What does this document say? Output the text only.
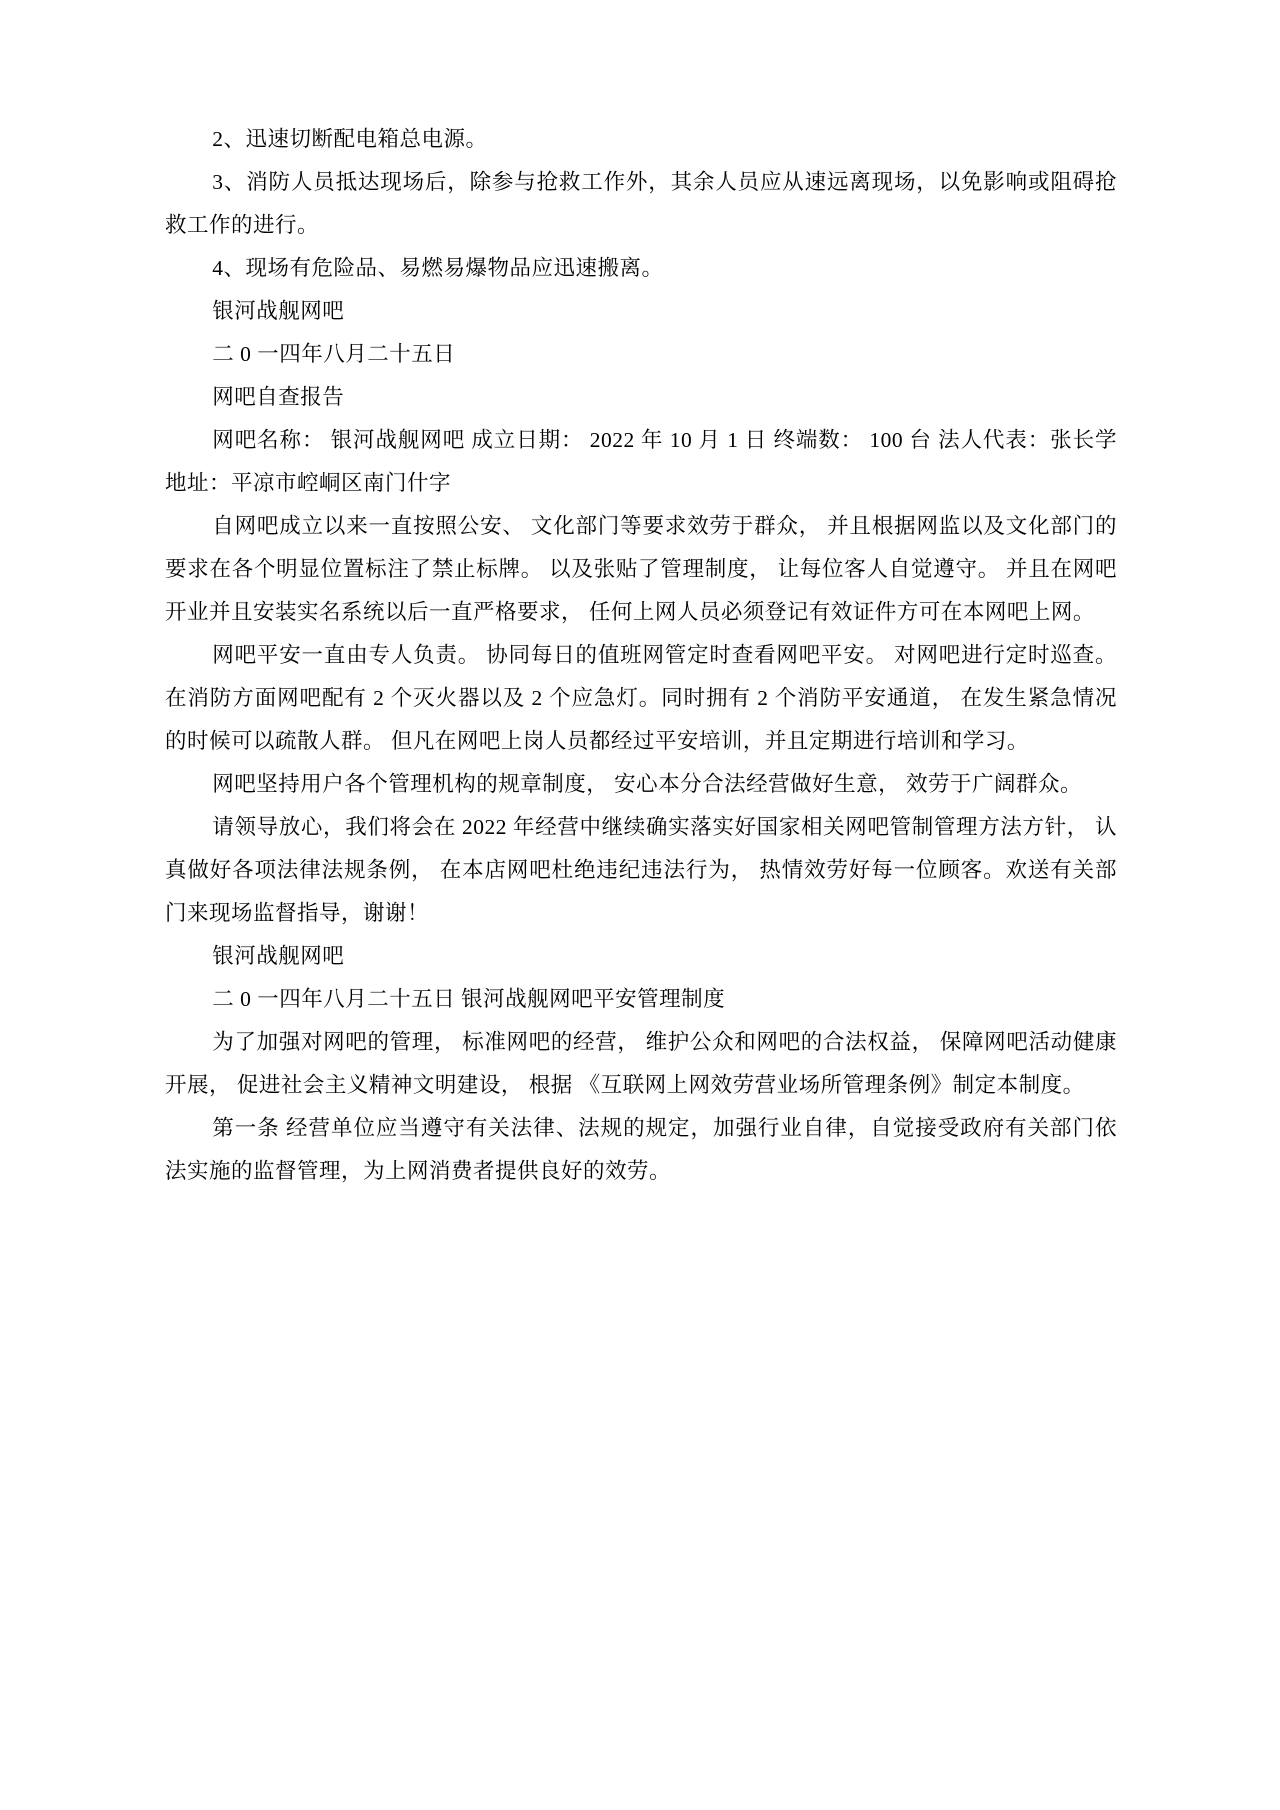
2、迅速切断配电箱总电源。

3、消防人员抵达现场后，除参与抢救工作外，其余人员应从速远离现场，以免影响或阻碍抢救工作的进行。

4、现场有危险品、易燃易爆物品应迅速搬离。

银河战舰网吧

二 0 一四年八月二十五日

网吧自查报告

网吧名称： 银河战舰网吧 成立日期： 2022 年 10 月 1 日 终端数： 100 台 法人代表：张长学 地址：平凉市崆峒区南门什字

自网吧成立以来一直按照公安、 文化部门等要求效劳于群众， 并且根据网监以及文化部门的要求在各个明显位置标注了禁止标牌。 以及张贴了管理制度， 让每位客人自觉遵守。 并且在网吧开业并且安装实名系统以后一直严格要求， 任何上网人员必须登记有效证件方可在本网吧上网。

网吧平安一直由专人负责。 协同每日的值班网管定时查看网吧平安。 对网吧进行定时巡查。在消防方面网吧配有 2 个灭火器以及 2 个应急灯。同时拥有 2 个消防平安通道， 在发生紧急情况的时候可以疏散人群。 但凡在网吧上岗人员都经过平安培训，并且定期进行培训和学习。

网吧坚持用户各个管理机构的规章制度， 安心本分合法经营做好生意， 效劳于广阔群众。

请领导放心，我们将会在 2022 年经营中继续确实落实好国家相关网吧管制管理方法方针， 认真做好各项法律法规条例， 在本店网吧杜绝违纪违法行为， 热情效劳好每一位顾客。欢送有关部门来现场监督指导，谢谢！

银河战舰网吧

二 0 一四年八月二十五日 银河战舰网吧平安管理制度

为了加强对网吧的管理， 标准网吧的经营， 维护公众和网吧的合法权益， 保障网吧活动健康开展， 促进社会主义精神文明建设， 根据 《互联网上网效劳营业场所管理条例》制定本制度。

第一条 经营单位应当遵守有关法律、法规的规定，加强行业自律，自觉接受政府有关部门依法实施的监督管理，为上网消费者提供良好的效劳。
